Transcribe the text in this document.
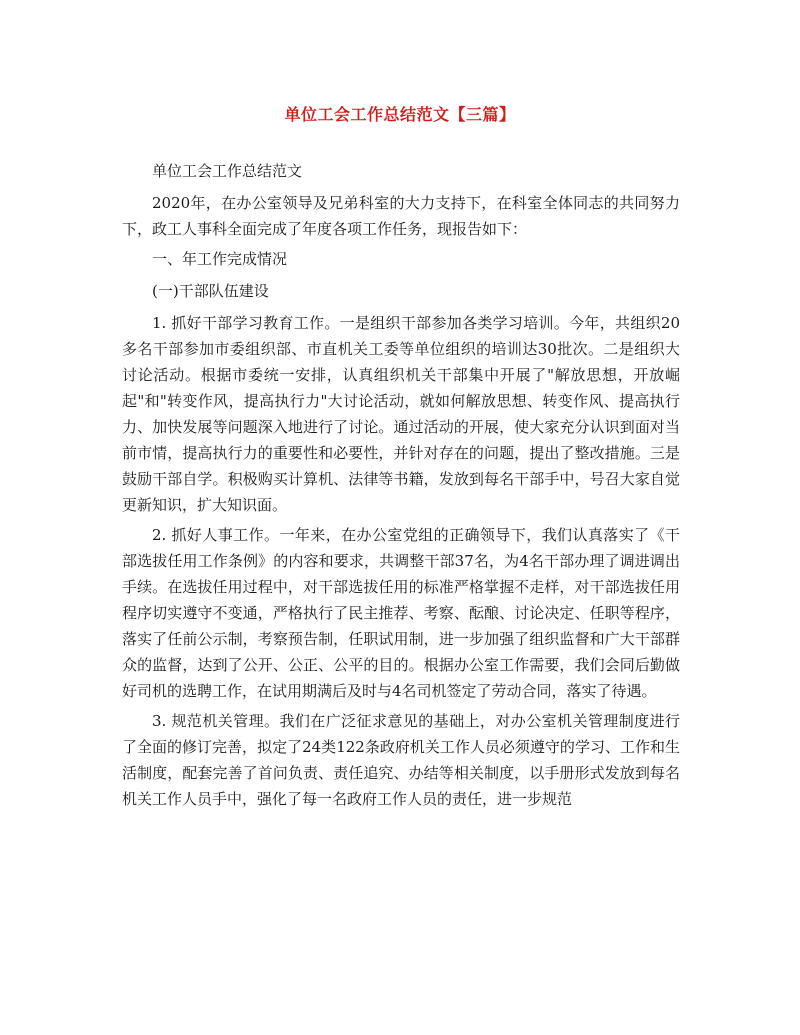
单位工会工作总结范文【三篇】

单位工会工作总结范文

2020年，在办公室领导及兄弟科室的大力支持下，在科室全体同志的共同努力下，政工人事科全面完成了年度各项工作任务，现报告如下：

一、年工作完成情况

(一)干部队伍建设

1. 抓好干部学习教育工作。一是组织干部参加各类学习培训。今年，共组织20多名干部参加市委组织部、市直机关工委等单位组织的培训达30批次。二是组织大讨论活动。根据市委统一安排，认真组织机关干部集中开展了"解放思想，开放崛起"和"转变作风，提高执行力"大讨论活动，就如何解放思想、转变作风、提高执行力、加快发展等问题深入地进行了讨论。通过活动的开展，使大家充分认识到面对当前市情，提高执行力的重要性和必要性，并针对存在的问题，提出了整改措施。三是鼓励干部自学。积极购买计算机、法律等书籍，发放到每名干部手中，号召大家自觉更新知识，扩大知识面。

2. 抓好人事工作。一年来，在办公室党组的正确领导下，我们认真落实了《干部选拔任用工作条例》的内容和要求，共调整干部37名，为4名干部办理了调进调出手续。在选拔任用过程中，对干部选拔任用的标准严格掌握不走样，对干部选拔任用程序切实遵守不变通，严格执行了民主推荐、考察、酝酿、讨论决定、任职等程序，落实了任前公示制，考察预告制，任职试用制，进一步加强了组织监督和广大干部群众的监督，达到了公开、公正、公平的目的。根据办公室工作需要，我们会同后勤做好司机的选聘工作，在试用期满后及时与4名司机签定了劳动合同，落实了待遇。

3. 规范机关管理。我们在广泛征求意见的基础上，对办公室机关管理制度进行了全面的修订完善，拟定了24类122条政府机关工作人员必须遵守的学习、工作和生活制度，配套完善了首问负责、责任追究、办结等相关制度，以手册形式发放到每名机关工作人员手中，强化了每一名政府工作人员的责任，进一步规范
